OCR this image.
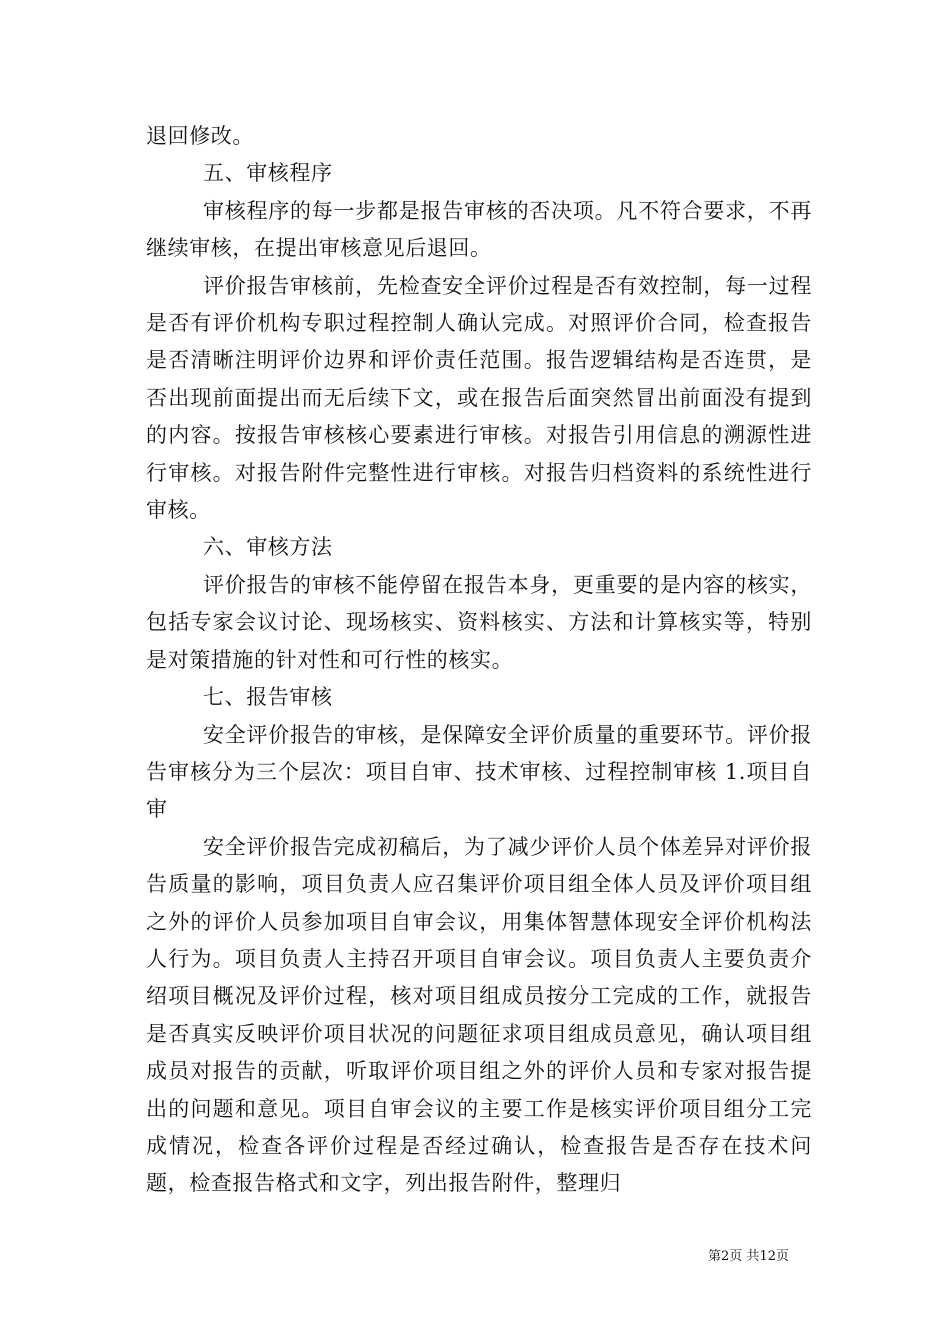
退回修改。

五、审核程序

审核程序的每一步都是报告审核的否决项。凡不符合要求，不再继续审核，在提出审核意见后退回。

评价报告审核前，先检查安全评价过程是否有效控制，每一过程是否有评价机构专职过程控制人确认完成。对照评价合同，检查报告是否清晰注明评价边界和评价责任范围。报告逻辑结构是否连贯，是否出现前面提出而无后续下文，或在报告后面突然冒出前面没有提到的内容。按报告审核核心要素进行审核。对报告引用信息的溯源性进行审核。对报告附件完整性进行审核。对报告归档资料的系统性进行审核。

六、审核方法

评价报告的审核不能停留在报告本身，更重要的是内容的核实，包括专家会议讨论、现场核实、资料核实、方法和计算核实等，特别是对策措施的针对性和可行性的核实。

七、报告审核

安全评价报告的审核，是保障安全评价质量的重要环节。评价报告审核分为三个层次：项目自审、技术审核、过程控制审核 1.项目自审

安全评价报告完成初稿后，为了减少评价人员个体差异对评价报告质量的影响，项目负责人应召集评价项目组全体人员及评价项目组之外的评价人员参加项目自审会议，用集体智慧体现安全评价机构法人行为。项目负责人主持召开项目自审会议。项目负责人主要负责介绍项目概况及评价过程，核对项目组成员按分工完成的工作，就报告是否真实反映评价项目状况的问题征求项目组成员意见，确认项目组成员对报告的贡献，听取评价项目组之外的评价人员和专家对报告提出的问题和意见。项目自审会议的主要工作是核实评价项目组分工完成情况，检查各评价过程是否经过确认，检查报告是否存在技术问题，检查报告格式和文字，列出报告附件，整理归

第2页 共12页
